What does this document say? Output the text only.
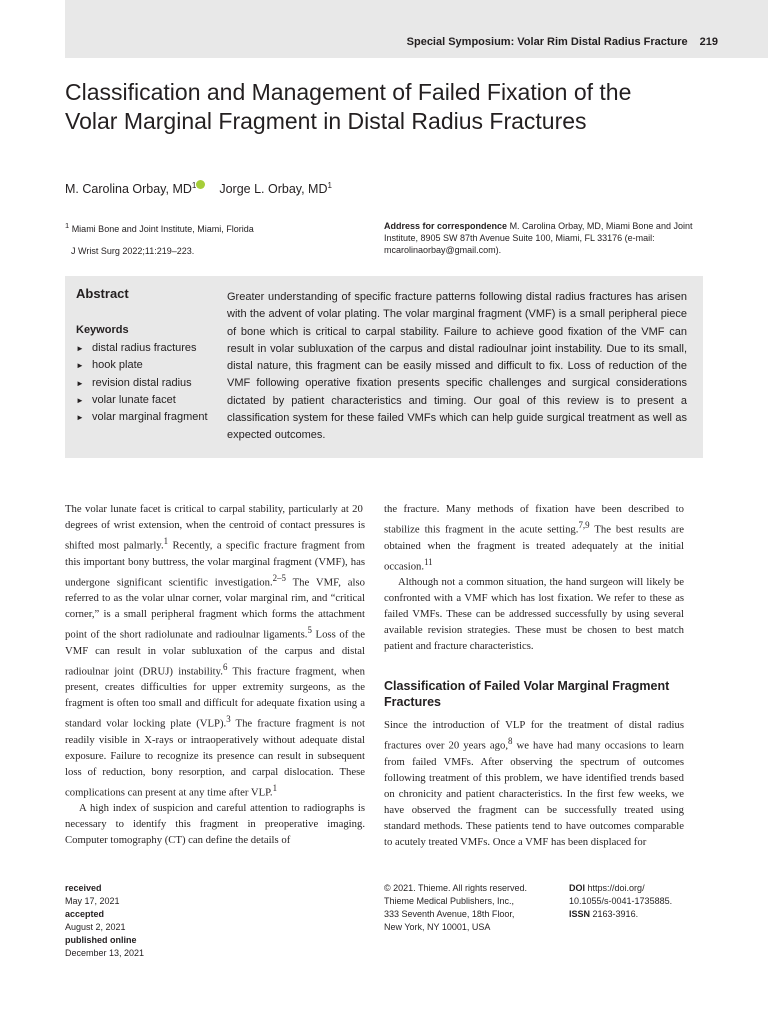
Special Symposium: Volar Rim Distal Radius Fracture 219
Classification and Management of Failed Fixation of the Volar Marginal Fragment in Distal Radius Fractures
M. Carolina Orbay, $MD^1$ Jorge L. Orbay, $MD^1$
$^1$ Miami Bone and Joint Institute, Miami, Florida
J Wrist Surg 2022;11:219–223.
Address for correspondence M. Carolina Orbay, MD, Miami Bone and Joint Institute, 8905 SW 87th Avenue Suite 100, Miami, FL 33176 (e-mail: mcarolinaorbay@gmail.com).
Abstract
Keywords
► distal radius fractures
► hook plate
► revision distal radius
► volar lunate facet
► volar marginal fragment
Greater understanding of specific fracture patterns following distal radius fractures has arisen with the advent of volar plating. The volar marginal fragment (VMF) is a small peripheral piece of bone which is critical to carpal stability. Failure to achieve good fixation of the VMF can result in volar subluxation of the carpus and distal radioulnar joint instability. Due to its small, distal nature, this fragment can be easily missed and difficult to fix. Loss of reduction of the VMF following operative fixation presents specific challenges and surgical considerations dictated by patient characteristics and timing. Our goal of this review is to present a classification system for these failed VMFs which can help guide surgical treatment as well as expected outcomes.

The volar lunate facet is critical to carpal stability, particularly at 20 degrees of wrist extension, when the centroid of contact pressures is shifted most palmarly.$^1$ Recently, a specific fracture fragment from this important bony buttress, the volar marginal fragment (VMF), has undergone significant scientific investigation.$^{2-5}$ The VMF, also referred to as the volar ulnar corner, volar marginal rim, and “critical corner,” is a small peripheral fragment which forms the attachment point of the short radiolunate and radioulnar ligaments.$^5$ Loss of the VMF can result in volar subluxation of the carpus and distal radioulnar joint (DRUJ) instability.$^6$ This fracture fragment, when present, creates difficulties for upper extremity surgeons, as the fragment is often too small and difficult for adequate fixation using a standard volar locking plate (VLP).$^3$ The fracture fragment is not readily visible in X-rays or intraoperatively without adequate distal exposure. Failure to recognize its presence can result in subsequent loss of reduction, bony resorption, and carpal dislocation. These complications can present at any time after VLP.$^1$

A high index of suspicion and careful attention to radiographs is necessary to identify this fragment in preoperative imaging. Computer tomography (CT) can define the details of

the fracture. Many methods of fixation have been described to stabilize this fragment in the acute setting.$^{7,9}$ The best results are obtained when the fragment is treated adequately at the initial occasion.$^{11}$

Although not a common situation, the hand surgeon will likely be confronted with a VMF which has lost fixation. We refer to these as failed VMFs. These can be addressed successfully by using several available revision strategies. These must be chosen to best match patient and fracture characteristics.

Classification of Failed Volar Marginal Fragment Fractures

Since the introduction of VLP for the treatment of distal radius fractures over 20 years ago,$^8$ we have had many occasions to learn from failed VMFs. After observing the spectrum of outcomes following treatment of this problem, we have identified trends based on chronicity and patient characteristics. In the first few weeks, we have observed the fragment can be successfully treated using standard methods. These patients tend to have outcomes comparable to acutely treated VMFs. Once a VMF has been displaced for

received
May 17, 2021
accepted
August 2, 2021
published online
December 13, 2021
© 2021. Thieme. All rights reserved.
Thieme Medical Publishers, Inc.,
333 Seventh Avenue, 18th Floor,
New York, NY 10001, USA
DOI https://doi.org/
10.1055/s-0041-1735885.
ISSN 2163-3916.
